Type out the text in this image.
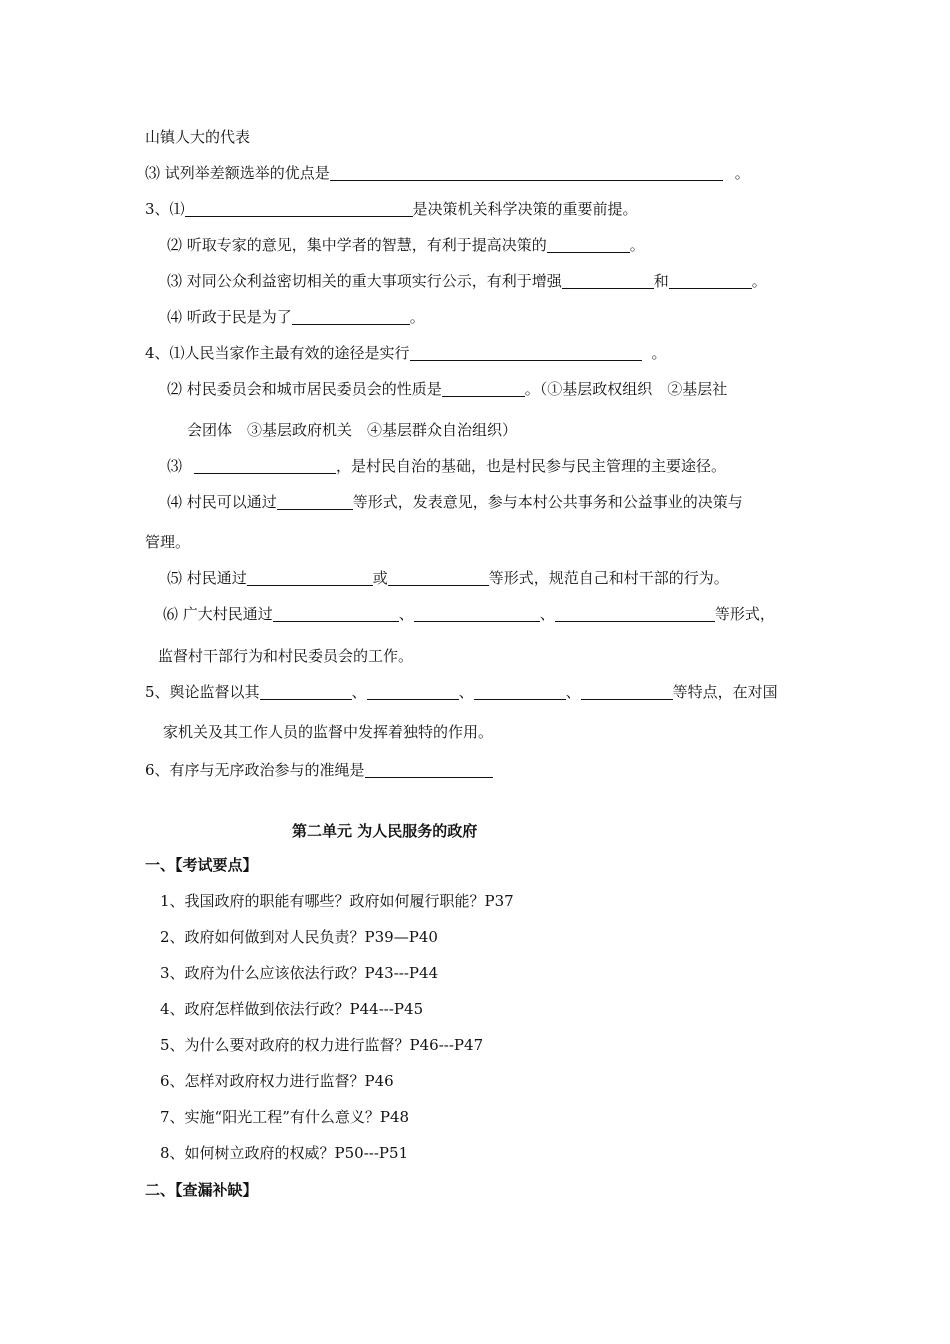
山镇人大的代表
⑶ 试列举差额选举的优点是	。
3、⑴	是决策机关科学决策的重要前提。
⑵ 听取专家的意见，集中学者的智慧，有利于提高决策的	。
⑶ 对同公众利益密切相关的重大事项实行公示，有利于增强	和	。
⑷ 听政于民是为了	。
4、⑴人民当家作主最有效的途径是实行	。
⑵ 村民委员会和城市居民委员会的性质是	。（①基层政权组织　②基层社
会团体　③基层政府机关　④基层群众自治组织）
⑶	，是村民自治的基础，也是村民参与民主管理的主要途径。
⑷ 村民可以通过	等形式，发表意见，参与本村公共事务和公益事业的决策与
管理。
⑸ 村民通过	或	等形式，规范自己和村干部的行为。
⑹ 广大村民通过	、	、	等形式，
监督村干部行为和村民委员会的工作。
5、舆论监督以其	、	、	、	等特点，在对国
家机关及其工作人员的监督中发挥着独特的作用。
6、有序与无序政治参与的准绳是
第二单元 为人民服务的政府
一、【考试要点】
1、我国政府的职能有哪些？政府如何履行职能？P37
2、政府如何做到对人民负责？P39—P40
3、政府为什么应该依法行政？P43---P44
4、政府怎样做到依法行政？P44---P45
5、为什么要对政府的权力进行监督？P46---P47
6、怎样对政府权力进行监督？P46
7、实施“阳光工程”有什么意义？P48
8、如何树立政府的权威？P50---P51
二、【查漏补缺】
